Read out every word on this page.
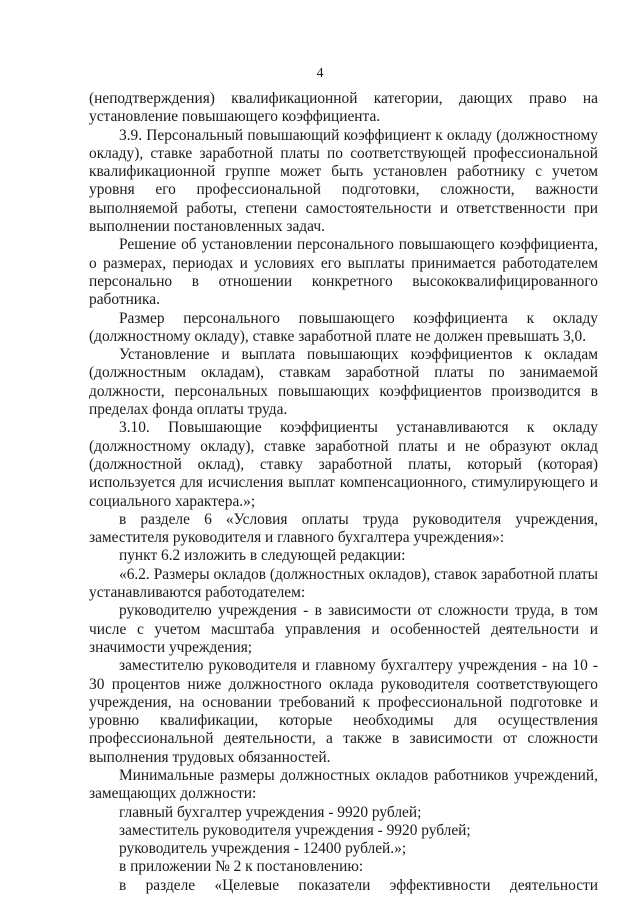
4

(неподтверждения) квалификационной категории, дающих право на установление повышающего коэффициента.

3.9. Персональный повышающий коэффициент к окладу (должностному окладу), ставке заработной платы по соответствующей профессиональной квалификационной группе может быть установлен работнику с учетом уровня его профессиональной подготовки, сложности, важности выполняемой работы, степени самостоятельности и ответственности при выполнении постановленных задач.

Решение об установлении персонального повышающего коэффициента, о размерах, периодах и условиях его выплаты принимается работодателем персонально в отношении конкретного высококвалифицированного работника.

Размер персонального повышающего коэффициента к окладу (должностному окладу), ставке заработной плате не должен превышать 3,0.

Установление и выплата повышающих коэффициентов к окладам (должностным окладам), ставкам заработной платы по занимаемой должности, персональных повышающих коэффициентов производится в пределах фонда оплаты труда.

3.10. Повышающие коэффициенты устанавливаются к окладу (должностному окладу), ставке заработной платы и не образуют оклад (должностной оклад), ставку заработной платы, который (которая) используется для исчисления выплат компенсационного, стимулирующего и социального характера.»;

в разделе 6 «Условия оплаты труда руководителя учреждения, заместителя руководителя и главного бухгалтера учреждения»:

пункт 6.2 изложить в следующей редакции:

«6.2. Размеры окладов (должностных окладов), ставок заработной платы устанавливаются работодателем:

руководителю учреждения - в зависимости от сложности труда, в том числе с учетом масштаба управления и особенностей деятельности и значимости учреждения;

заместителю руководителя и главному бухгалтеру учреждения - на 10 - 30 процентов ниже должностного оклада руководителя соответствующего учреждения, на основании требований к профессиональной подготовке и уровню квалификации, которые необходимы для осуществления профессиональной деятельности, а также в зависимости от сложности выполнения трудовых обязанностей.

Минимальные размеры должностных окладов работников учреждений, замещающих должности:

главный бухгалтер учреждения - 9920 рублей;

заместитель руководителя учреждения - 9920 рублей;

руководитель учреждения - 12400 рублей.»;

в приложении № 2 к постановлению:

в разделе «Целевые показатели эффективности деятельности
